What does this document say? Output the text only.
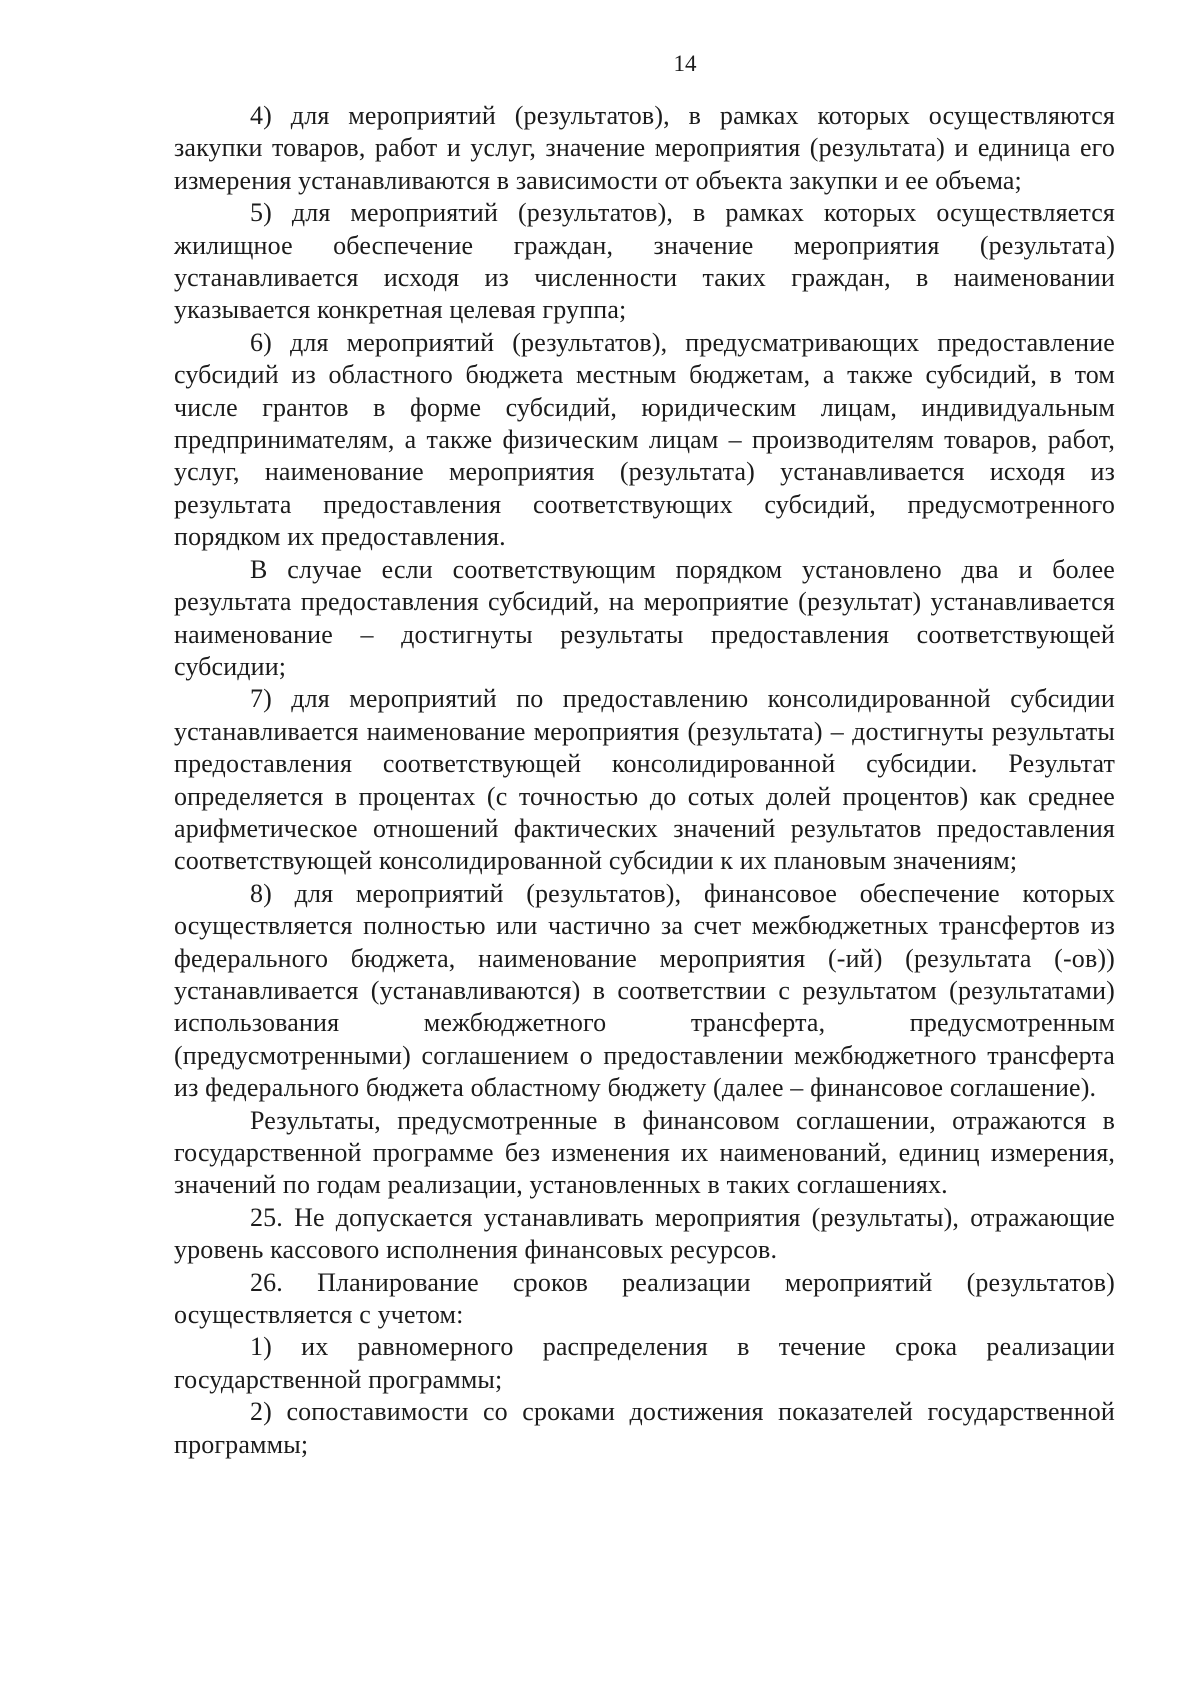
14

4) для мероприятий (результатов), в рамках которых осуществляются закупки товаров, работ и услуг, значение мероприятия (результата) и единица его измерения устанавливаются в зависимости от объекта закупки и ее объема;

5) для мероприятий (результатов), в рамках которых осуществляется жилищное обеспечение граждан, значение мероприятия (результата) устанавливается исходя из численности таких граждан, в наименовании указывается конкретная целевая группа;

6) для мероприятий (результатов), предусматривающих предоставление субсидий из областного бюджета местным бюджетам, а также субсидий, в том числе грантов в форме субсидий, юридическим лицам, индивидуальным предпринимателям, а также физическим лицам – производителям товаров, работ, услуг, наименование мероприятия (результата) устанавливается исходя из результата предоставления соответствующих субсидий, предусмотренного порядком их предоставления.

В случае если соответствующим порядком установлено два и более результата предоставления субсидий, на мероприятие (результат) устанавливается наименование – достигнуты результаты предоставления соответствующей субсидии;

7) для мероприятий по предоставлению консолидированной субсидии устанавливается наименование мероприятия (результата) – достигнуты результаты предоставления соответствующей консолидированной субсидии. Результат определяется в процентах (с точностью до сотых долей процентов) как среднее арифметическое отношений фактических значений результатов предоставления соответствующей консолидированной субсидии к их плановым значениям;

8) для мероприятий (результатов), финансовое обеспечение которых осуществляется полностью или частично за счет межбюджетных трансфертов из федерального бюджета, наименование мероприятия (-ий) (результата (-ов)) устанавливается (устанавливаются) в соответствии с результатом (результатами) использования межбюджетного трансферта, предусмотренным (предусмотренными) соглашением о предоставлении межбюджетного трансферта из федерального бюджета областному бюджету (далее – финансовое соглашение).

Результаты, предусмотренные в финансовом соглашении, отражаются в государственной программе без изменения их наименований, единиц измерения, значений по годам реализации, установленных в таких соглашениях.

25. Не допускается устанавливать мероприятия (результаты), отражающие уровень кассового исполнения финансовых ресурсов.

26. Планирование сроков реализации мероприятий (результатов) осуществляется с учетом:

1) их равномерного распределения в течение срока реализации государственной программы;

2) сопоставимости со сроками достижения показателей государственной программы;
